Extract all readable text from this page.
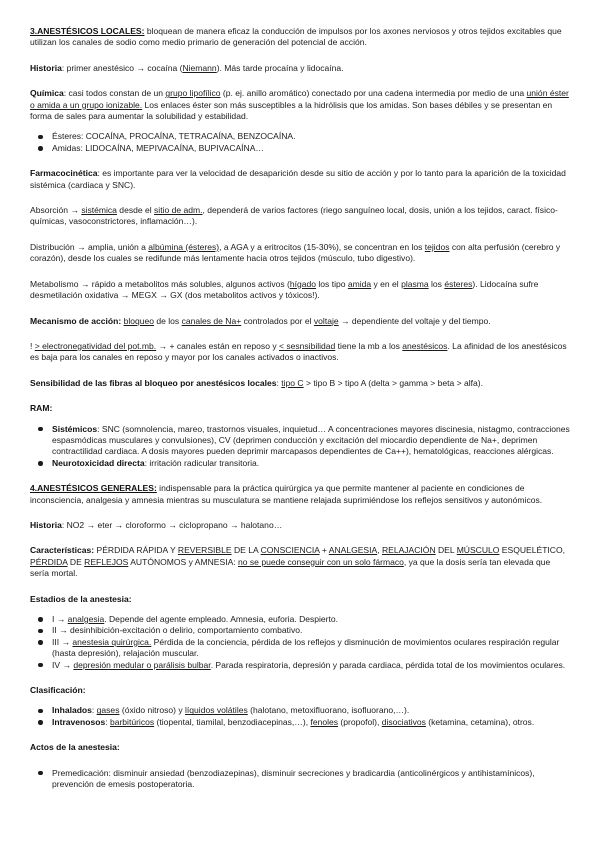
3.ANESTÉSICOS LOCALES: bloquean de manera eficaz la conducción de impulsos por los axones nerviosos y otros tejidos excitables que utilizan los canales de sodio como medio primario de generación del potencial de acción.

Historia: primer anestésico → cocaína (Niemann). Más tarde procaína y lidocaína.

Química: casi todos constan de un grupo lipofílico (p. ej. anillo aromático) conectado por una cadena intermedia por medio de una unión éster o amida a un grupo ionizable. Los enlaces éster son más susceptibles a la hidrólisis que los amidas. Son bases débiles y se presentan en forma de sales para aumentar la solubilidad y estabilidad.

Ésteres: COCAÍNA, PROCAÍNA, TETRACAÍNA, BENZOCAÍNA.
Amidas: LIDOCAÍNA, MEPIVACAÍNA, BUPIVACAÍNA…

Farmacocinética: es importante para ver la velocidad de desaparición desde su sitio de acción y por lo tanto para la aparición de la toxicidad sistémica (cardiaca y SNC).

Absorción → sistémica desde el sitio de adm., dependerá de varios factores (riego sanguíneo local, dosis, unión a los tejidos, caract. físico-químicas, vasoconstrictores, inflamación…).

Distribución → amplia, unión a albúmina (ésteres), a AGA y a eritrocitos (15-30%), se concentran en los tejidos con alta perfusión (cerebro y corazón), desde los cuales se redifunde más lentamente hacia otros tejidos (músculo, tubo digestivo).

Metabolismo → rápido a metabolitos más solubles, algunos activos (hígado los tipo amida y en el plasma los ésteres). Lidocaína sufre desmetilación oxidativa → MEGX → GX (dos metabolitos activos y tóxicos!).

Mecanismo de acción: bloqueo de los canales de Na+ controlados por el voltaje → dependiente del voltaje y del tiempo.

! > electronegatividad del pot.mb. → + canales están en reposo y < sesnsibilidad tiene la mb a los anestésicos. La afinidad de los anestésicos es baja para los canales en reposo y mayor por los canales activados o inactivos.

Sensibilidad de las fibras al bloqueo por anestésicos locales: tipo C > tipo B > tipo A (delta > gamma > beta > alfa).

RAM:

Sistémicos: SNC (somnolencia, mareo, trastornos visuales, inquietud… A concentraciones mayores discinesia, nistagmo, contracciones espasmódicas musculares y convulsiones), CV (deprimen conducción y excitación del miocardio dependiente de Na+, deprimen contractilidad cardiaca. A dosis mayores pueden deprimir marcapasos dependientes de Ca++), hematológicas, reacciones alérgicas.
Neurotoxicidad directa: irritación radicular transitoria.

4.ANESTÉSICOS GENERALES: indispensable para la práctica quirúrgica ya que permite mantener al paciente en condiciones de inconsciencia, analgesia y amnesia mientras su musculatura se mantiene relajada suprimiéndose los reflejos sensitivos y autonómicos.

Historia: NO2 → eter → cloroformo → ciclopropano → halotano…

Características: PÉRDIDA RÁPIDA Y REVERSIBLE DE LA CONSCIENCIA + ANALGESIA, RELAJACIÓN DEL MÚSCULO ESQUELÉTICO, PÉRDIDA DE REFLEJOS AUTÓNOMOS y AMNESIA: no se puede conseguir con un solo fármaco, ya que la dosis sería tan elevada que sería mortal.

Estadios de la anestesia:

I → analgesia. Depende del agente empleado. Amnesia, euforia. Despierto.
II → desinhibición-excitación o delirio, comportamiento combativo.
III → anestesia quirúrgica. Pérdida de la conciencia, pérdida de los reflejos y disminución de movimientos oculares respiración regular (hasta depresión), relajación muscular.
IV → depresión medular o parálisis bulbar. Parada respiratoria, depresión y parada cardiaca, pérdida total de los movimientos oculares.

Clasificación:

Inhalados: gases (óxido nitroso) y líquidos volátiles (halotano, metoxifluorano, isofluorano,…).
Intravenosos: barbitúricos (tiopental, tiamilal, benzodiacepinas,…), fenoles (propofol), disociativos (ketamina, cetamina), otros.

Actos de la anestesia:

Premedicación: disminuir ansiedad (benzodiazepinas), disminuir secreciones y bradicardia (anticolinérgicos y antihistamínicos), prevención de emesis postoperatoria.
